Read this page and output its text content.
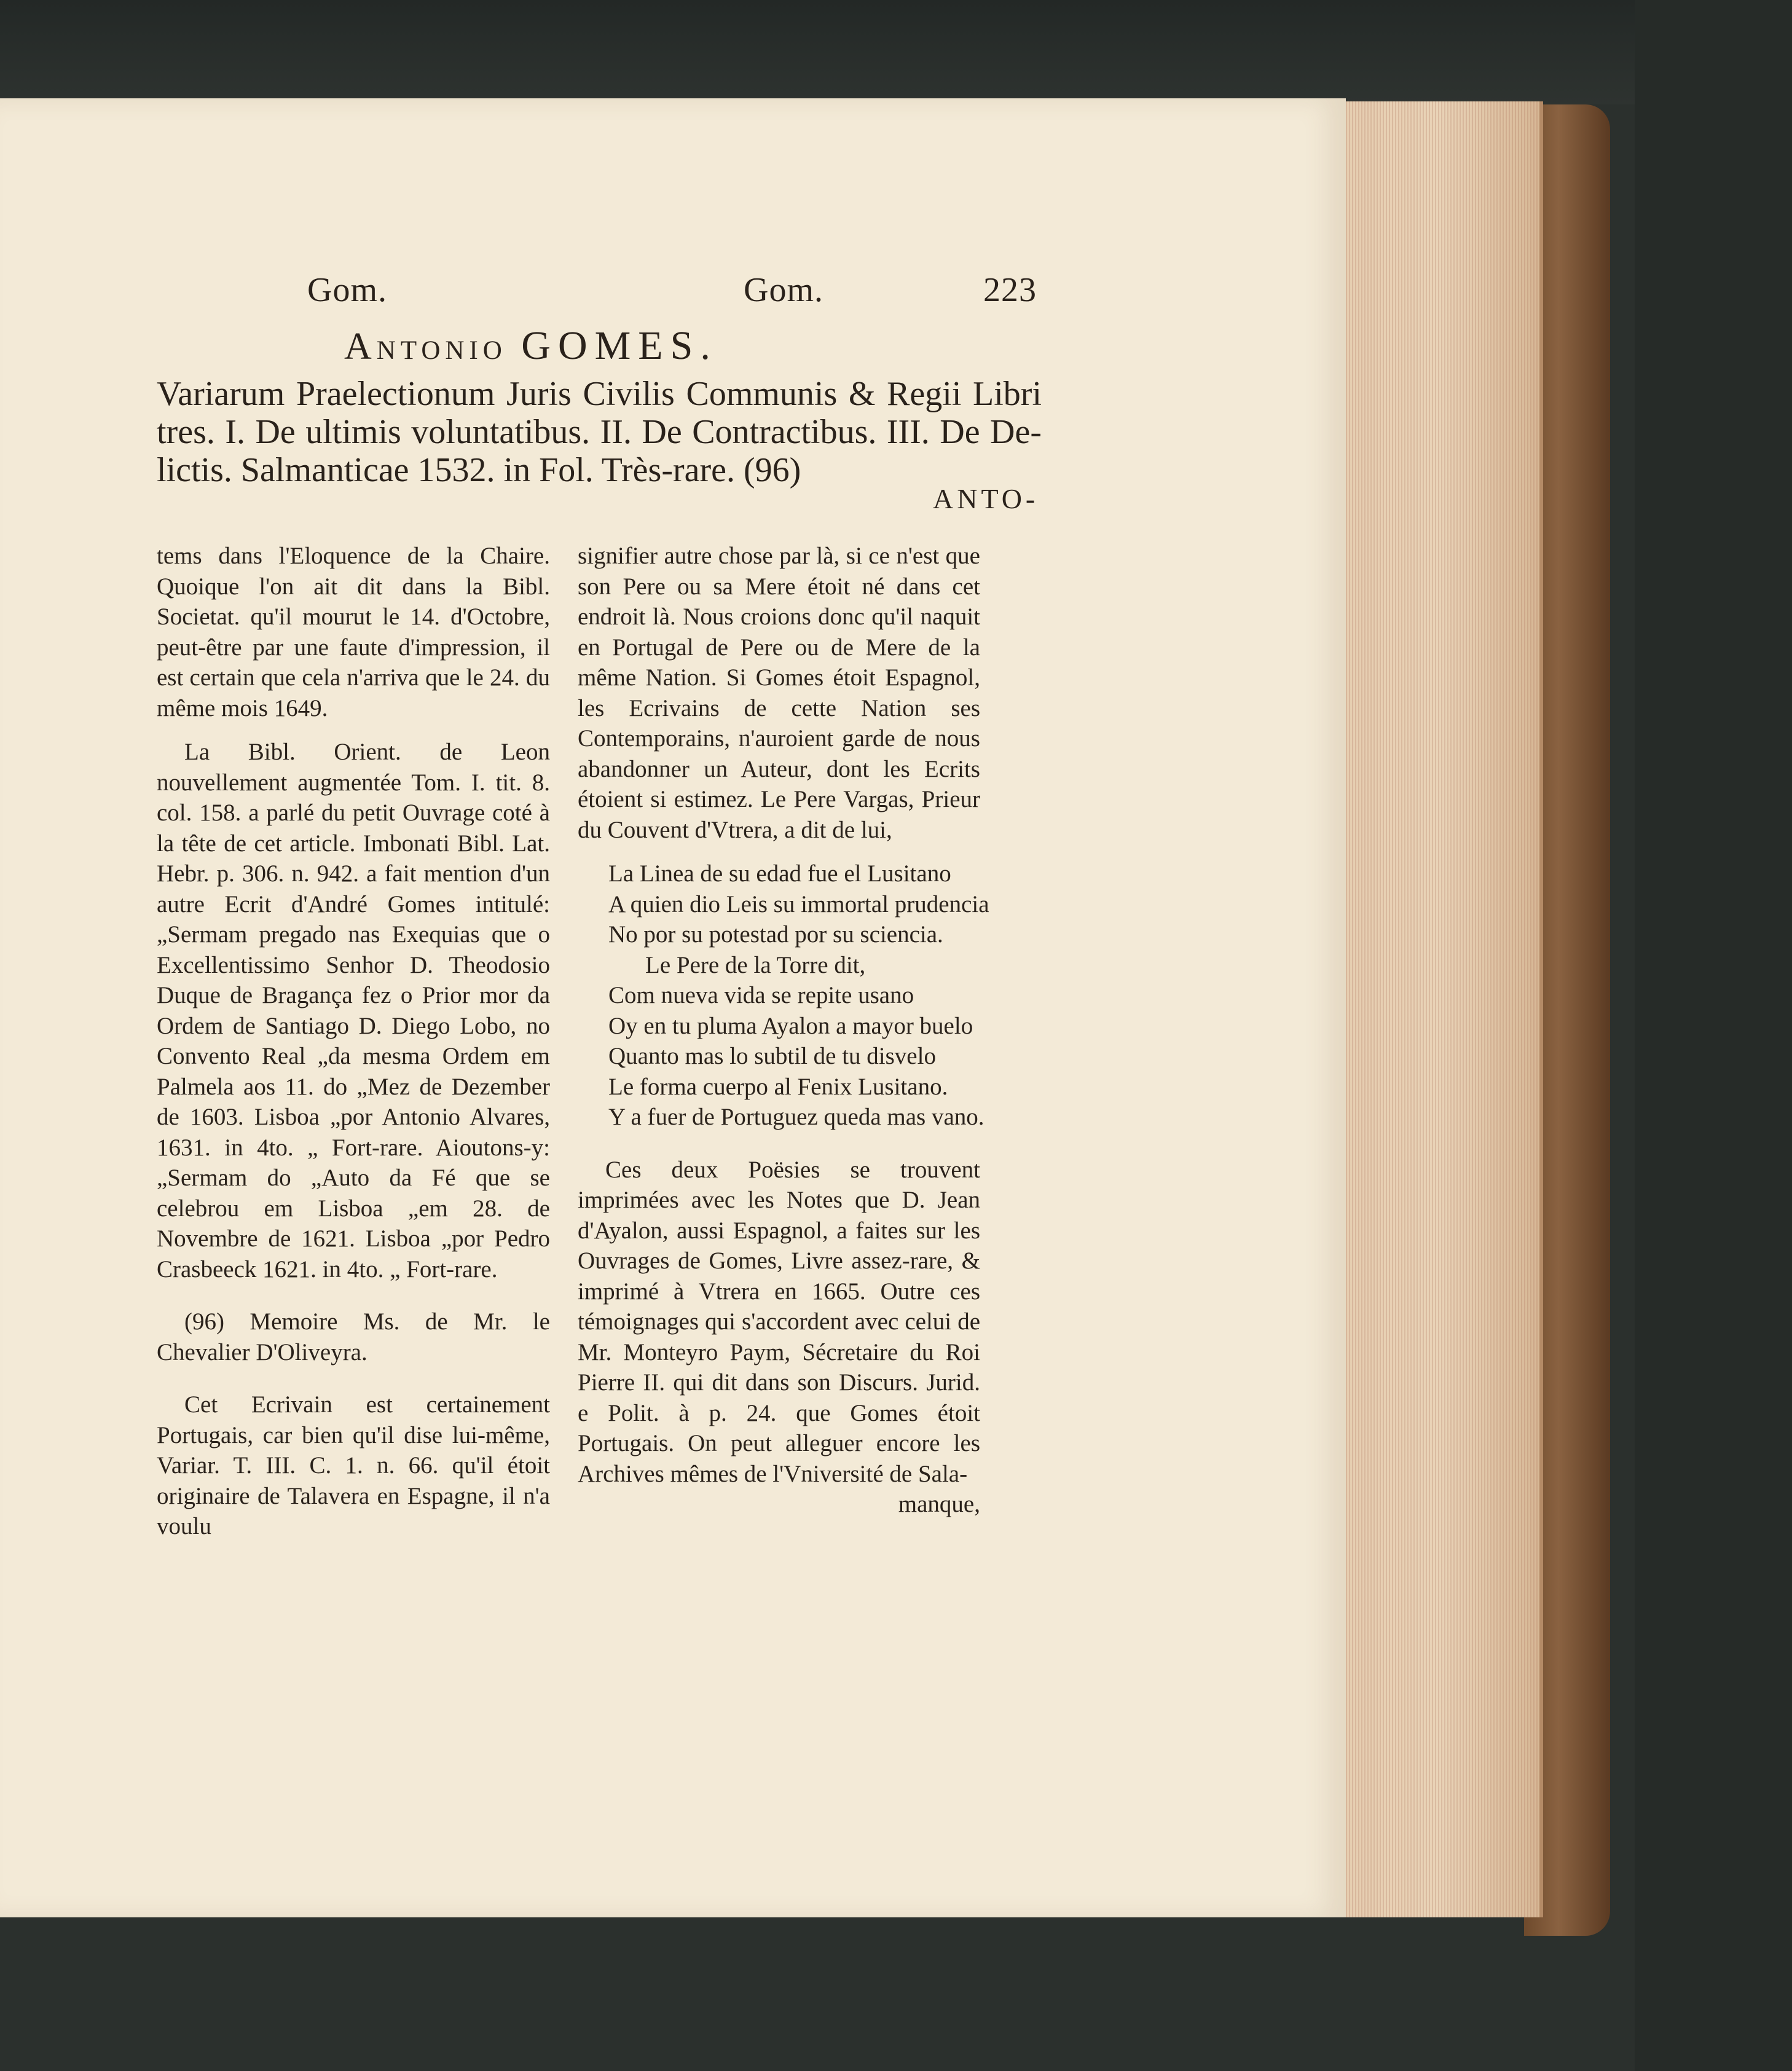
Gom.	Gom.	223
Antonio GOMES.
Variarum Praelectionum Juris Civilis Communis & Regii Libri
tres. I. De ultimis voluntatibus. II. De Contractibus. III. De De-
lictis. Salmanticae 1532. in Fol. Très-rare. (96)
ANTO-

tems dans l'Eloquence de la Chaire. Quoique l'on ait dit dans la Bibl. Societat. qu'il mourut le 14. d'Octobre, peut-être par une faute d'impression, il est certain que cela n'arriva que le 24. du même mois 1649.

La Bibl. Orient. de Leon nouvellement augmentée Tom. I. tit. 8. col. 158. a parlé du petit Ouvrage coté à la tête de cet article. Imbonati Bibl. Lat. Hebr. p. 306. n. 942. a fait mention d'un autre Ecrit d'André Gomes intitulé: „Sermam pregado nas Exequias que o Excellentissimo Senhor D. Theodosio Duque de Bragança fez o Prior mor da Ordem de Santiago D. Diego Lobo, no Convento Real „da mesma Ordem em Palmela aos 11. do „Mez de Dezember de 1603. Lisboa „por Antonio Alvares, 1631. in 4to. „ Fort-rare. Aioutons-y: „Sermam do „Auto da Fé que se celebrou em Lisboa „em 28. de Novembre de 1621. Lisboa „por Pedro Crasbeeck 1621. in 4to. „ Fort-rare.

(96) Memoire Ms. de Mr. le Chevalier D'Oliveyra.

Cet Ecrivain est certainement Portugais, car bien qu'il dise lui-même, Variar. T. III. C. 1. n. 66. qu'il étoit originaire de Talavera en Espagne, il n'a voulu

signifier autre chose par là, si ce n'est que son Pere ou sa Mere étoit né dans cet endroit là. Nous croions donc qu'il naquit en Portugal de Pere ou de Mere de la même Nation. Si Gomes étoit Espagnol, les Ecrivains de cette Nation ses Contemporains, n'auroient garde de nous abandonner un Auteur, dont les Ecrits étoient si estimez. Le Pere Vargas, Prieur du Couvent d'Vtrera, a dit de lui,

La Linea de su edad fue el Lusitano
A quien dio Leis su immortal prudencia
No por su potestad por su sciencia.
Le Pere de la Torre dit,
Com nueva vida se repite usano
Oy en tu pluma Ayalon a mayor buelo
Quanto mas lo subtil de tu disvelo
Le forma cuerpo al Fenix Lusitano.
Y a fuer de Portuguez queda mas vano.

Ces deux Poësies se trouvent imprimées avec les Notes que D. Jean d'Ayalon, aussi Espagnol, a faites sur les Ouvrages de Gomes, Livre assez-rare, & imprimé à Vtrera en 1665. Outre ces témoignages qui s'accordent avec celui de Mr. Monteyro Paym, Sécretaire du Roi Pierre II. qui dit dans son Discurs. Jurid. e Polit. à p. 24. que Gomes étoit Portugais. On peut alleguer encore les Archives mêmes de l'Vniversité de Sala-

manque,
